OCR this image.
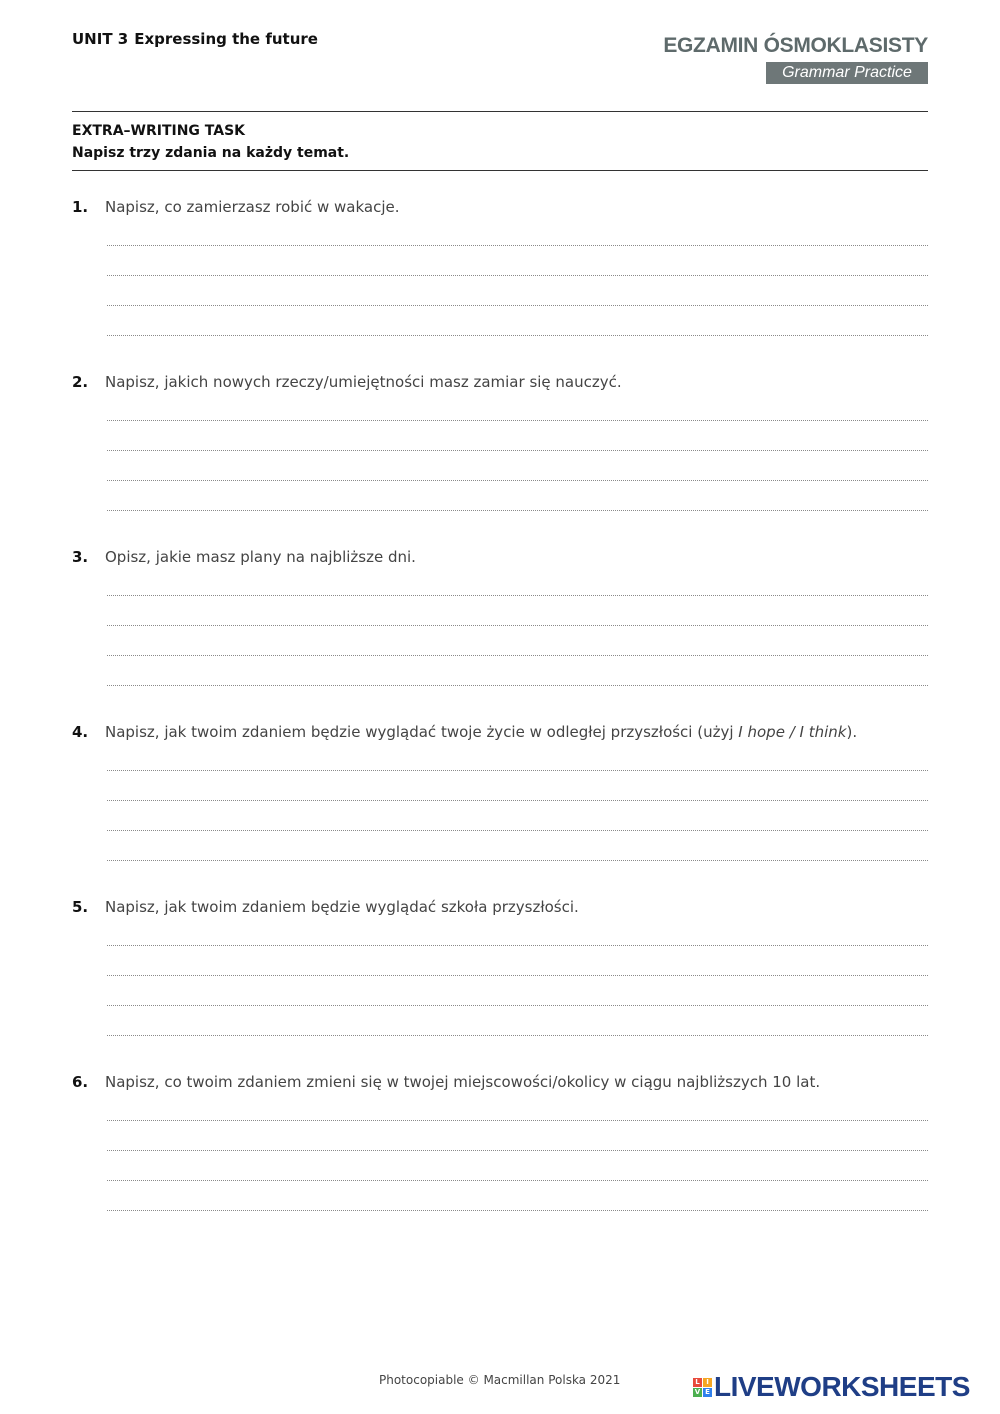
UNIT 3 Expressing the future	EGZAMIN ÓSMOKLASISTY
Grammar Practice
EXTRA–WRITING TASK
Napisz trzy zdania na każdy temat.
1. Napisz, co zamierzasz robić w wakacje.
2. Napisz, jakich nowych rzeczy/umiejętności masz zamiar się nauczyć.
3. Opisz, jakie masz plany na najbliższe dni.
4. Napisz, jak twoim zdaniem będzie wyglądać twoje życie w odległej przyszłości (użyj I hope / I think).
5. Napisz, jak twoim zdaniem będzie wyglądać szkoła przyszłości.
6. Napisz, co twoim zdaniem zmieni się w twojej miejscowości/okolicy w ciągu najbliższych 10 lat.
Photocopiable © Macmillan Polska 2021	L I
V E LIVEWORKSHEETS
